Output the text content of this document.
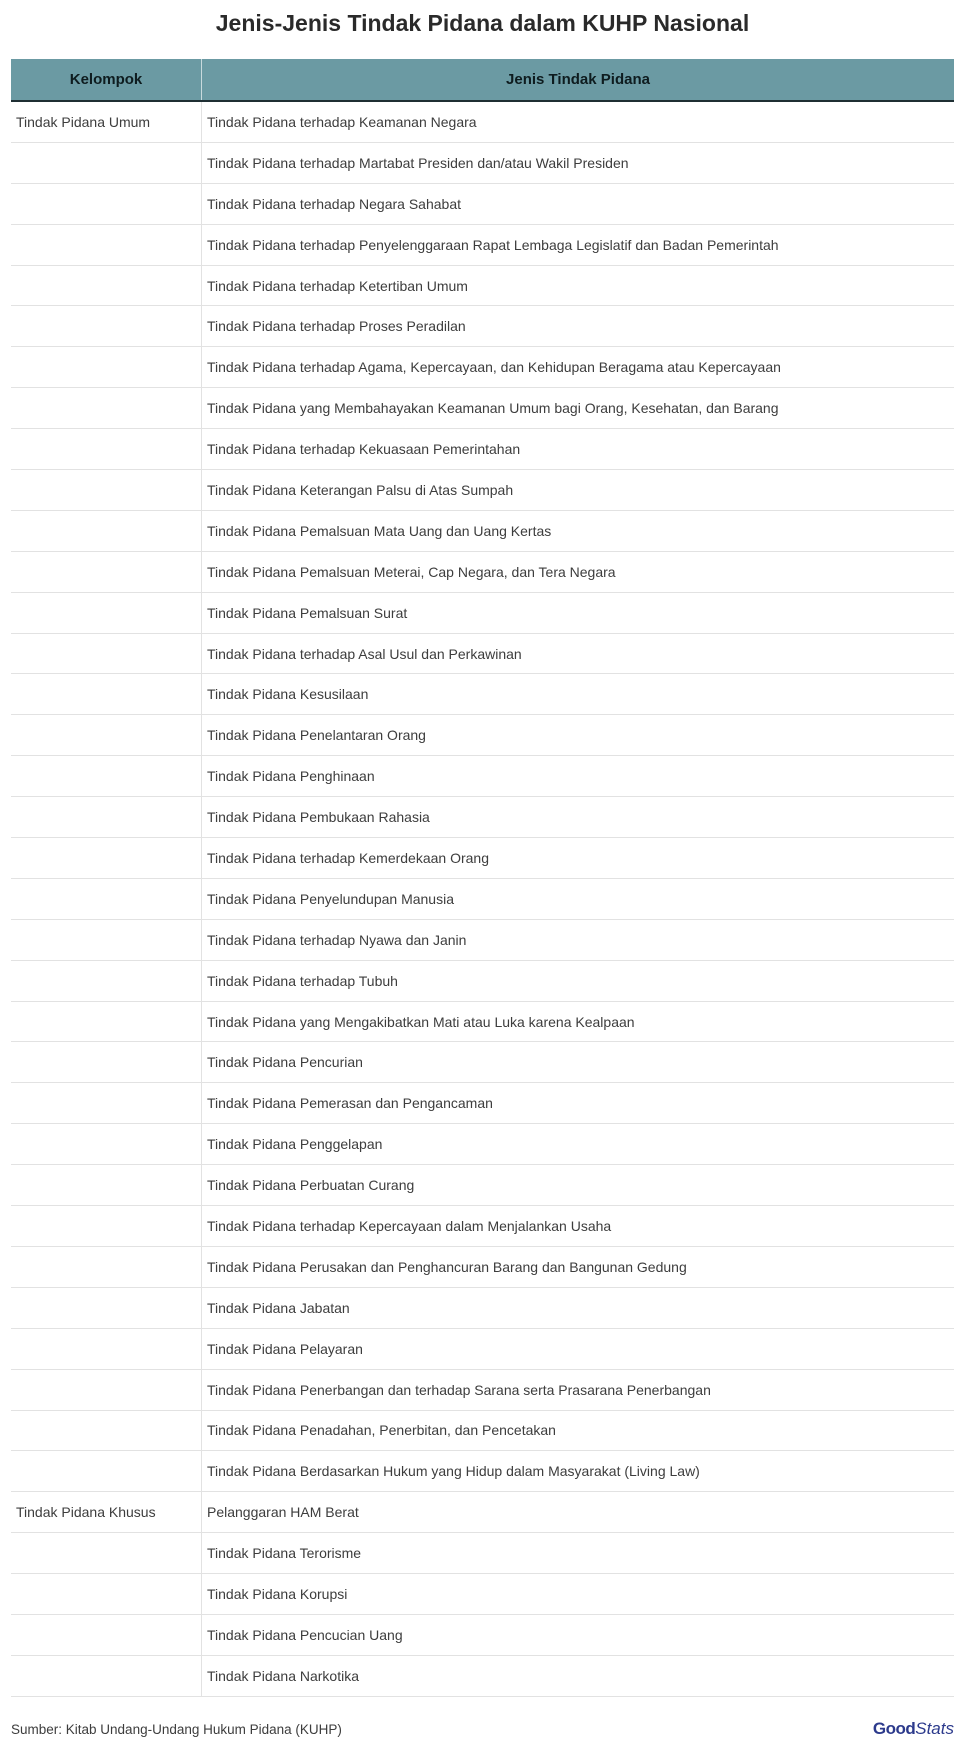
Jenis-Jenis Tindak Pidana dalam KUHP Nasional
Kelompok	Jenis Tindak Pidana
Tindak Pidana Umum	Tindak Pidana terhadap Keamanan Negara
Tindak Pidana terhadap Martabat Presiden dan/atau Wakil Presiden
Tindak Pidana terhadap Negara Sahabat
Tindak Pidana terhadap Penyelenggaraan Rapat Lembaga Legislatif dan Badan Pemerintah
Tindak Pidana terhadap Ketertiban Umum
Tindak Pidana terhadap Proses Peradilan
Tindak Pidana terhadap Agama, Kepercayaan, dan Kehidupan Beragama atau Kepercayaan
Tindak Pidana yang Membahayakan Keamanan Umum bagi Orang, Kesehatan, dan Barang
Tindak Pidana terhadap Kekuasaan Pemerintahan
Tindak Pidana Keterangan Palsu di Atas Sumpah
Tindak Pidana Pemalsuan Mata Uang dan Uang Kertas
Tindak Pidana Pemalsuan Meterai, Cap Negara, dan Tera Negara
Tindak Pidana Pemalsuan Surat
Tindak Pidana terhadap Asal Usul dan Perkawinan
Tindak Pidana Kesusilaan
Tindak Pidana Penelantaran Orang
Tindak Pidana Penghinaan
Tindak Pidana Pembukaan Rahasia
Tindak Pidana terhadap Kemerdekaan Orang
Tindak Pidana Penyelundupan Manusia
Tindak Pidana terhadap Nyawa dan Janin
Tindak Pidana terhadap Tubuh
Tindak Pidana yang Mengakibatkan Mati atau Luka karena Kealpaan
Tindak Pidana Pencurian
Tindak Pidana Pemerasan dan Pengancaman
Tindak Pidana Penggelapan
Tindak Pidana Perbuatan Curang
Tindak Pidana terhadap Kepercayaan dalam Menjalankan Usaha
Tindak Pidana Perusakan dan Penghancuran Barang dan Bangunan Gedung
Tindak Pidana Jabatan
Tindak Pidana Pelayaran
Tindak Pidana Penerbangan dan terhadap Sarana serta Prasarana Penerbangan
Tindak Pidana Penadahan, Penerbitan, dan Pencetakan
Tindak Pidana Berdasarkan Hukum yang Hidup dalam Masyarakat (Living Law)
Tindak Pidana Khusus	Pelanggaran HAM Berat
Tindak Pidana Terorisme
Tindak Pidana Korupsi
Tindak Pidana Pencucian Uang
Tindak Pidana Narkotika
Sumber: Kitab Undang-Undang Hukum Pidana (KUHP)	GoodStats
